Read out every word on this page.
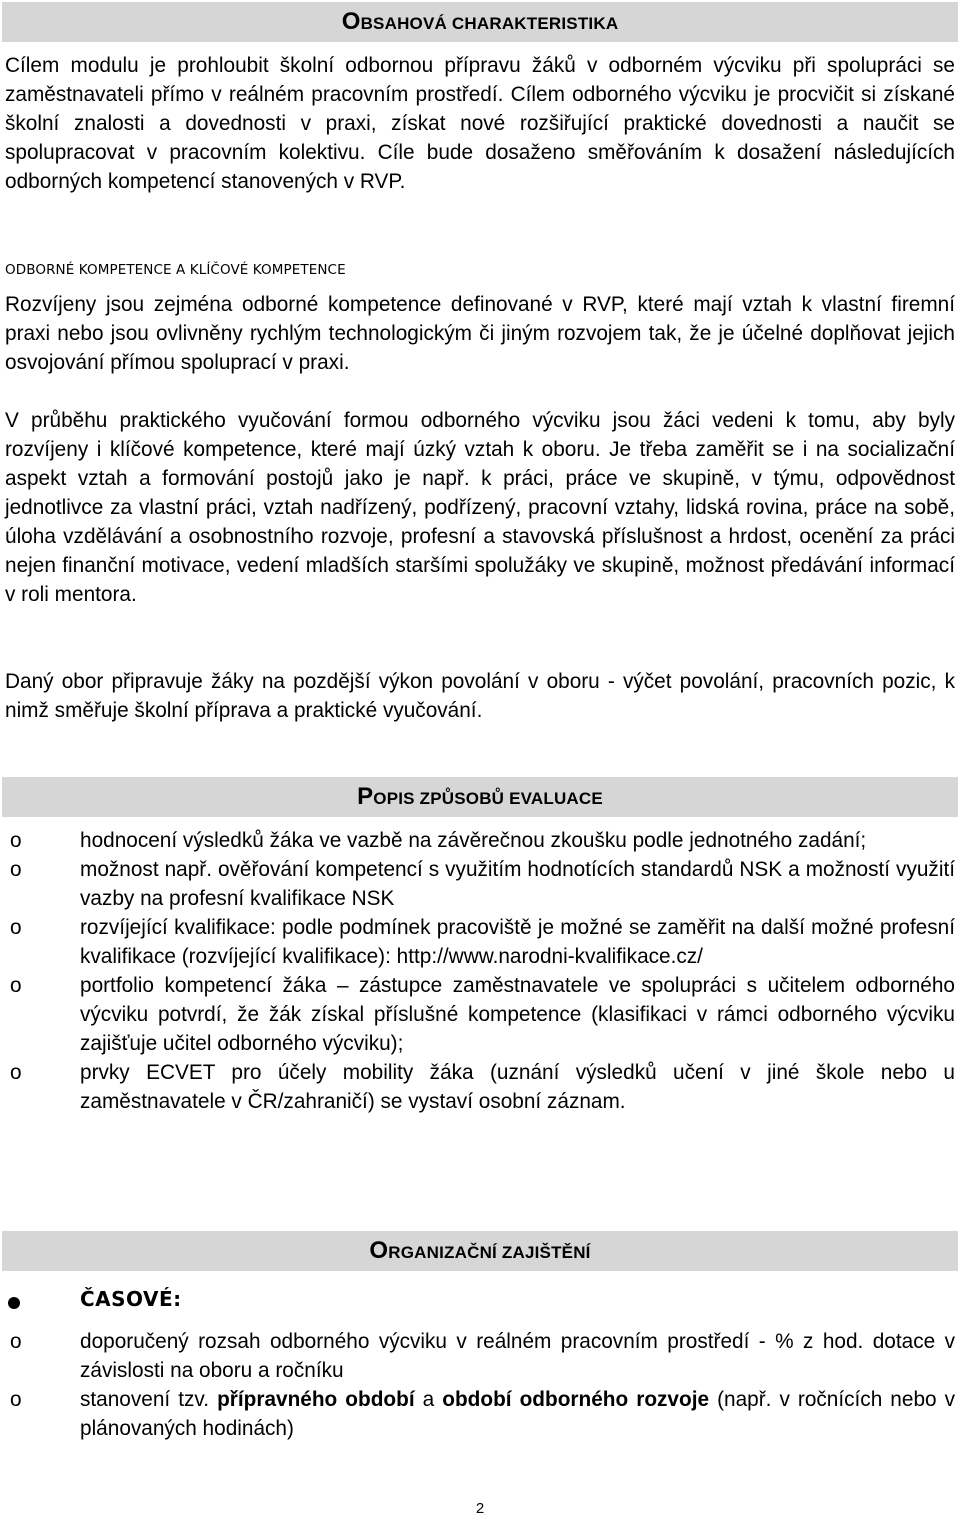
OBSAHOVÁ CHARAKTERISTIKA
Cílem modulu je prohloubit školní odbornou přípravu žáků v odborném výcviku při spolupráci se zaměstnavateli přímo v reálném pracovním prostředí. Cílem odborného výcviku je procvičit si získané školní znalosti a dovednosti v praxi, získat nové rozšiřující praktické dovednosti a naučit se spolupracovat v pracovním kolektivu. Cíle bude dosaženo směřováním k dosažení následujících odborných kompetencí stanovených v RVP.
ODBORNÉ KOMPETENCE A KLÍČOVÉ KOMPETENCE
Rozvíjeny jsou zejména odborné kompetence definované v RVP, které mají vztah k vlastní firemní praxi nebo jsou ovlivněny rychlým technologickým či jiným rozvojem tak, že je účelné doplňovat jejich osvojování přímou spoluprací v praxi.
V průběhu praktického vyučování formou odborného výcviku jsou žáci vedeni k tomu, aby byly rozvíjeny i klíčové kompetence, které mají úzký vztah k oboru. Je třeba zaměřit se i na socializační aspekt vztah a formování postojů jako je např. k práci, práce ve skupině, v týmu, odpovědnost jednotlivce za vlastní práci, vztah nadřízený, podřízený, pracovní vztahy, lidská rovina, práce na sobě, úloha vzdělávání a osobnostního rozvoje, profesní a stavovská příslušnost a hrdost, ocenění za práci nejen finanční motivace, vedení mladších staršími spolužáky ve skupině, možnost předávání informací v roli mentora.
Daný obor připravuje žáky na pozdější výkon povolání v oboru - výčet povolání, pracovních pozic, k nimž směřuje školní příprava a praktické vyučování.
POPIS ZPŮSOBŮ EVALUACE
o	hodnocení výsledků žáka ve vazbě na závěrečnou zkoušku podle jednotného zadání;
o	možnost např. ověřování kompetencí s využitím hodnotících standardů NSK a možností využití vazby na profesní kvalifikace NSK
o	rozvíjející kvalifikace: podle podmínek pracoviště je možné se zaměřit na další možné profesní kvalifikace (rozvíjející kvalifikace): http://www.narodni-kvalifikace.cz/
o	portfolio kompetencí žáka – zástupce zaměstnavatele ve spolupráci s učitelem odborného výcviku potvrdí, že žák získal příslušné kompetence (klasifikaci v rámci odborného výcviku zajišťuje učitel odborného výcviku);
o	prvky ECVET pro účely mobility žáka (uznání výsledků učení v jiné škole nebo u zaměstnavatele v ČR/zahraničí) se vystaví osobní záznam.
ORGANIZAČNÍ ZAJIŠTĚNÍ
ČASOVÉ:
o	doporučený rozsah odborného výcviku v reálném pracovním prostředí - % z hod. dotace v závislosti na oboru a ročníku
o	stanovení tzv. přípravného období a období odborného rozvoje (např. v ročnících nebo v plánovaných hodinách)
2
